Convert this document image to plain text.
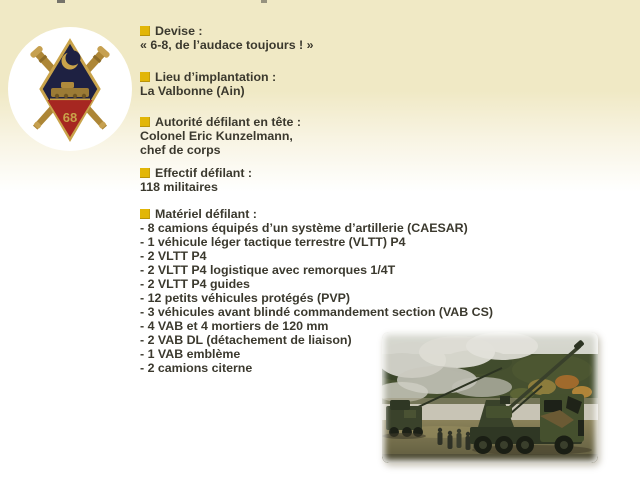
68
Devise :
« 6-8, de l’audace toujours ! »
Lieu d’implantation :
La Valbonne (Ain)
Autorité défilant en tête :
Colonel Eric Kunzelmann,
chef de corps
Effectif défilant :
118 militaires
Matériel défilant :
- 8 camions équipés d’un système d’artillerie (CAESAR)
- 1 véhicule léger tactique terrestre (VLTT) P4
- 2 VLTT P4
- 2 VLTT P4 logistique avec remorques 1/4T
- 2 VLTT P4 guides
- 12 petits véhicules protégés (PVP)
- 3 véhicules avant blindé commandement section (VAB CS)
- 4 VAB et 4 mortiers de 120 mm
- 2 VAB DL (détachement de liaison)
- 1 VAB emblème
- 2 camions citerne
